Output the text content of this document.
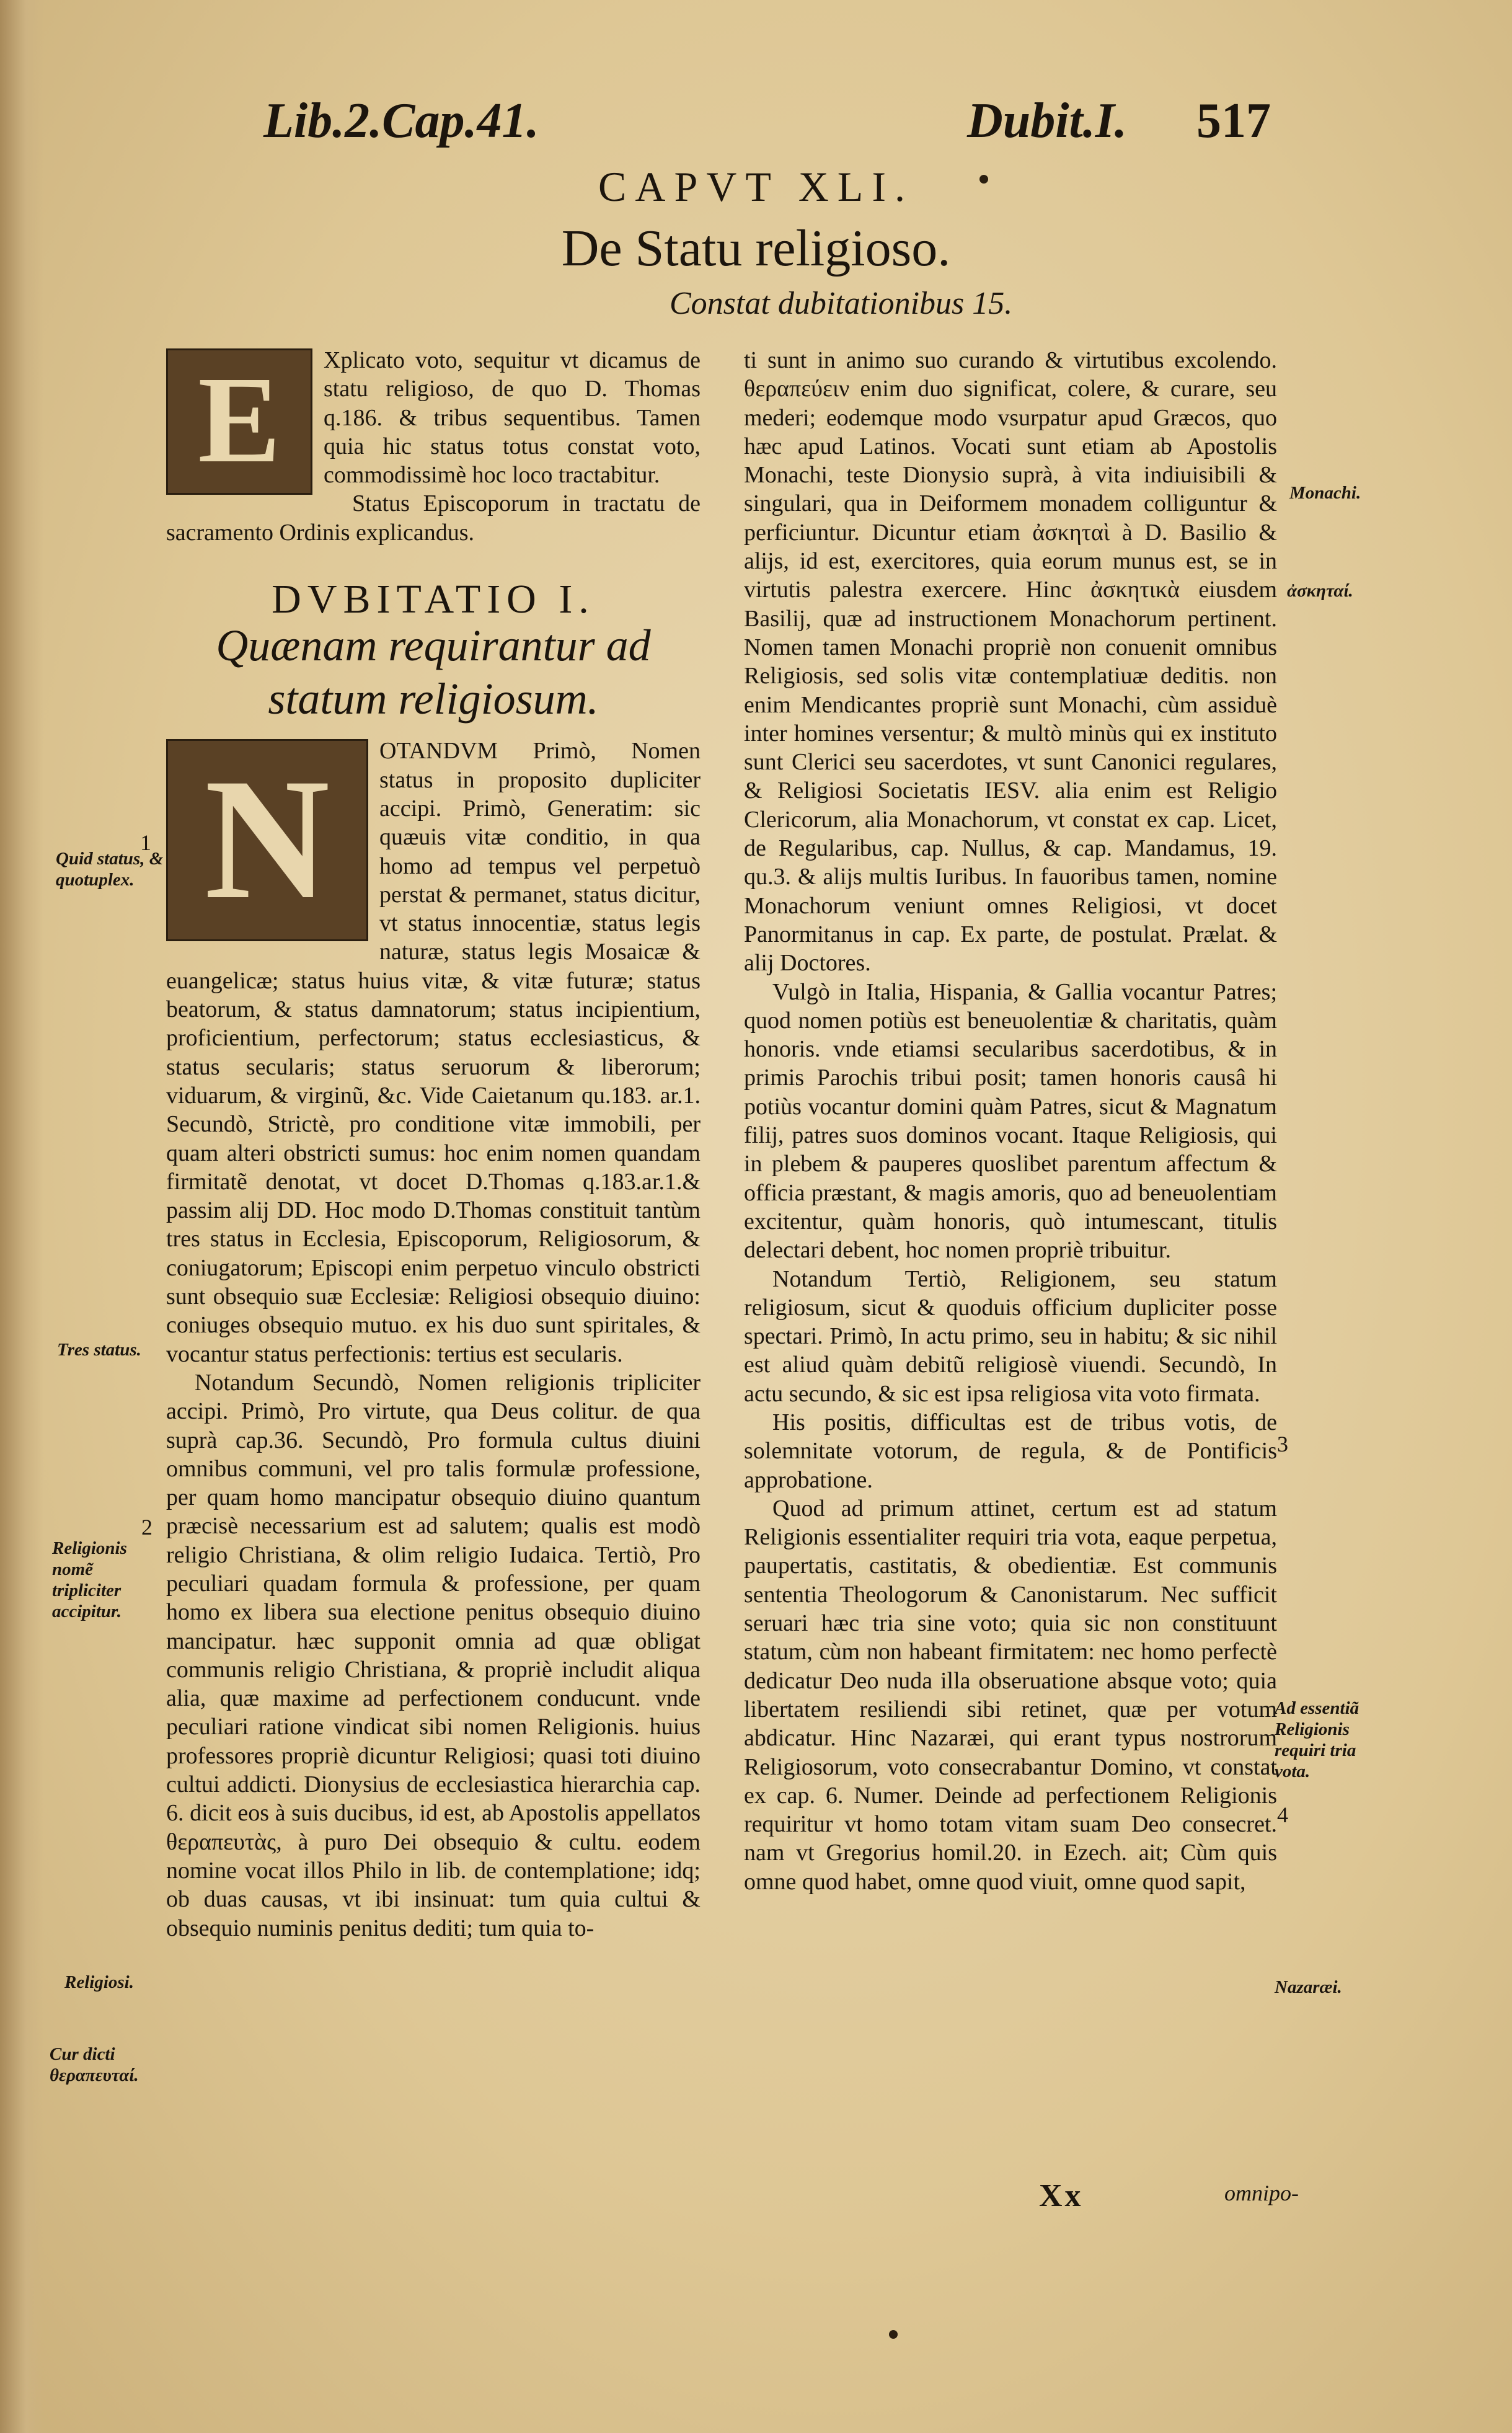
Lib.2.Cap.41.	Dubit.I. 517
CAPVT XLI.
De Statu religioso.
Constat dubitationibus 15.

E	Xplicato voto, sequitur vt dicamus de statu religioso, de quo D. Thomas q.186. & tribus sequentibus. Tamen quia hic status totus constat voto, commodissimè hoc loco tractabitur.

Status Episcoporum in tractatu de sacramento Ordinis explicandus.

DVBITATIO I.

Quænam requirantur ad statum religiosum.

N	OTANDVM Primò, Nomen status in proposito dupliciter accipi. Primò, Generatim: sic quæuis vitæ conditio, in qua homo ad tempus vel perpetuò perstat & permanet, status dicitur, vt status innocentiæ, status legis naturæ, status legis Mosaicæ & euangelicæ; status huius vitæ, & vitæ futuræ; status beatorum, & status damnatorum; status incipientium, proficientium, perfectorum; status ecclesiasticus, & status secularis; status seruorum & liberorum; viduarum, & virginũ, &c. Vide Caietanum qu.183. ar.1. Secundò, Strictè, pro conditione vitæ immobili, per quam alteri obstricti sumus: hoc enim nomen quandam firmitatẽ denotat, vt docet D.Thomas q.183.ar.1.& passim alij DD. Hoc modo D.Thomas constituit tantùm tres status in Ecclesia, Episcoporum, Religiosorum, & coniugatorum; Episcopi enim perpetuo vinculo obstricti sunt obsequio suæ Ecclesiæ: Religiosi obsequio diuino: coniuges obsequio mutuo. ex his duo sunt spiritales, & vocantur status perfectionis: tertius est secularis.

Notandum Secundò, Nomen religionis tripliciter accipi. Primò, Pro virtute, qua Deus colitur. de qua suprà cap.36. Secundò, Pro formula cultus diuini omnibus communi, vel pro talis formulæ professione, per quam homo mancipatur obsequio diuino quantum præcisè necessarium est ad salutem; qualis est modò religio Christiana, & olim religio Iudaica. Tertiò, Pro peculiari quadam formula & professione, per quam homo ex libera sua electione penitus obsequio diuino mancipatur. hæc supponit omnia ad quæ obligat communis religio Christiana, & propriè includit aliqua alia, quæ maxime ad perfectionem conducunt. vnde peculiari ratione vindicat sibi nomen Religionis. huius professores propriè dicuntur Religiosi; quasi toti diuino cultui addicti. Dionysius de ecclesiastica hierarchia cap. 6. dicit eos à suis ducibus, id est, ab Apostolis appellatos θεραπευτὰς, à puro Dei obsequio & cultu. eodem nomine vocat illos Philo in lib. de contemplatione; idq; ob duas causas, vt ibi insinuat: tum quia cultui & obsequio numinis penitus dediti; tum quia to-

ti sunt in animo suo curando & virtutibus excolendo. θεραπεύειν enim duo significat, colere, & curare, seu mederi; eodemque modo vsurpatur apud Græcos, quo hæc apud Latinos. Vocati sunt etiam ab Apostolis Monachi, teste Dionysio suprà, à vita indiuisibili & singulari, qua in Deiformem monadem colliguntur & perficiuntur. Dicuntur etiam ἀσκηταὶ à D. Basilio & alijs, id est, exercitores, quia eorum munus est, se in virtutis palestra exercere. Hinc ἀσκητικὰ eiusdem Basilij, quæ ad instructionem Monachorum pertinent. Nomen tamen Monachi propriè non conuenit omnibus Religiosis, sed solis vitæ contemplatiuæ deditis. non enim Mendicantes propriè sunt Monachi, cùm assiduè inter homines versentur; & multò minùs qui ex instituto sunt Clerici seu sacerdotes, vt sunt Canonici regulares, & Religiosi Societatis IESV. alia enim est Religio Clericorum, alia Monachorum, vt constat ex cap. Licet, de Regularibus, cap. Nullus, & cap. Mandamus, 19. qu.3. & alijs multis Iuribus. In fauoribus tamen, nomine Monachorum veniunt omnes Religiosi, vt docet Panormitanus in cap. Ex parte, de postulat. Prælat. & alij Doctores.

Vulgò in Italia, Hispania, & Gallia vocantur Patres; quod nomen potiùs est beneuolentiæ & charitatis, quàm honoris. vnde etiamsi secularibus sacerdotibus, & in primis Parochis tribui posit; tamen honoris causâ hi potiùs vocantur domini quàm Patres, sicut & Magnatum filij, patres suos dominos vocant. Itaque Religiosis, qui in plebem & pauperes quoslibet parentum affectum & officia præstant, & magis amoris, quo ad beneuolentiam excitentur, quàm honoris, quò intumescant, titulis delectari debent, hoc nomen propriè tribuitur.

Notandum Tertiò, Religionem, seu statum religiosum, sicut & quoduis officium dupliciter posse spectari. Primò, In actu primo, seu in habitu; & sic nihil est aliud quàm debitũ religiosè viuendi. Secundò, In actu secundo, & sic est ipsa religiosa vita voto firmata.

His positis, difficultas est de tribus votis, de solemnitate votorum, de regula, & de Pontificis approbatione.

Quod ad primum attinet, certum est ad statum Religionis essentialiter requiri tria vota, eaque perpetua, paupertatis, castitatis, & obedientiæ. Est communis sententia Theologorum & Canonistarum. Nec sufficit seruari hæc tria sine voto; quia sic non constituunt statum, cùm non habeant firmitatem: nec homo perfectè dedicatur Deo nuda illa obseruatione absque voto; quia libertatem resiliendi sibi retinet, quæ per votum abdicatur. Hinc Nazaræi, qui erant typus nostrorum Religiosorum, voto consecrabantur Domino, vt constat ex cap. 6. Numer. Deinde ad perfectionem Religionis requiritur vt homo totam vitam suam Deo consecret. nam vt Gregorius homil.20. in Ezech. ait; Cùm quis omne quod habet, omne quod viuit, omne quod sapit,

Quid status, & quotuplex.
Tres status.
Religionis nomẽ tripliciter accipitur.
Religiosi.
Cur dicti θεραπευταί.
Monachi.
ἀσκηταί.
Ad essentiã Religionis requiri tria vota.
Nazaræi.
1
2
3
4
Xx	omnipo-
